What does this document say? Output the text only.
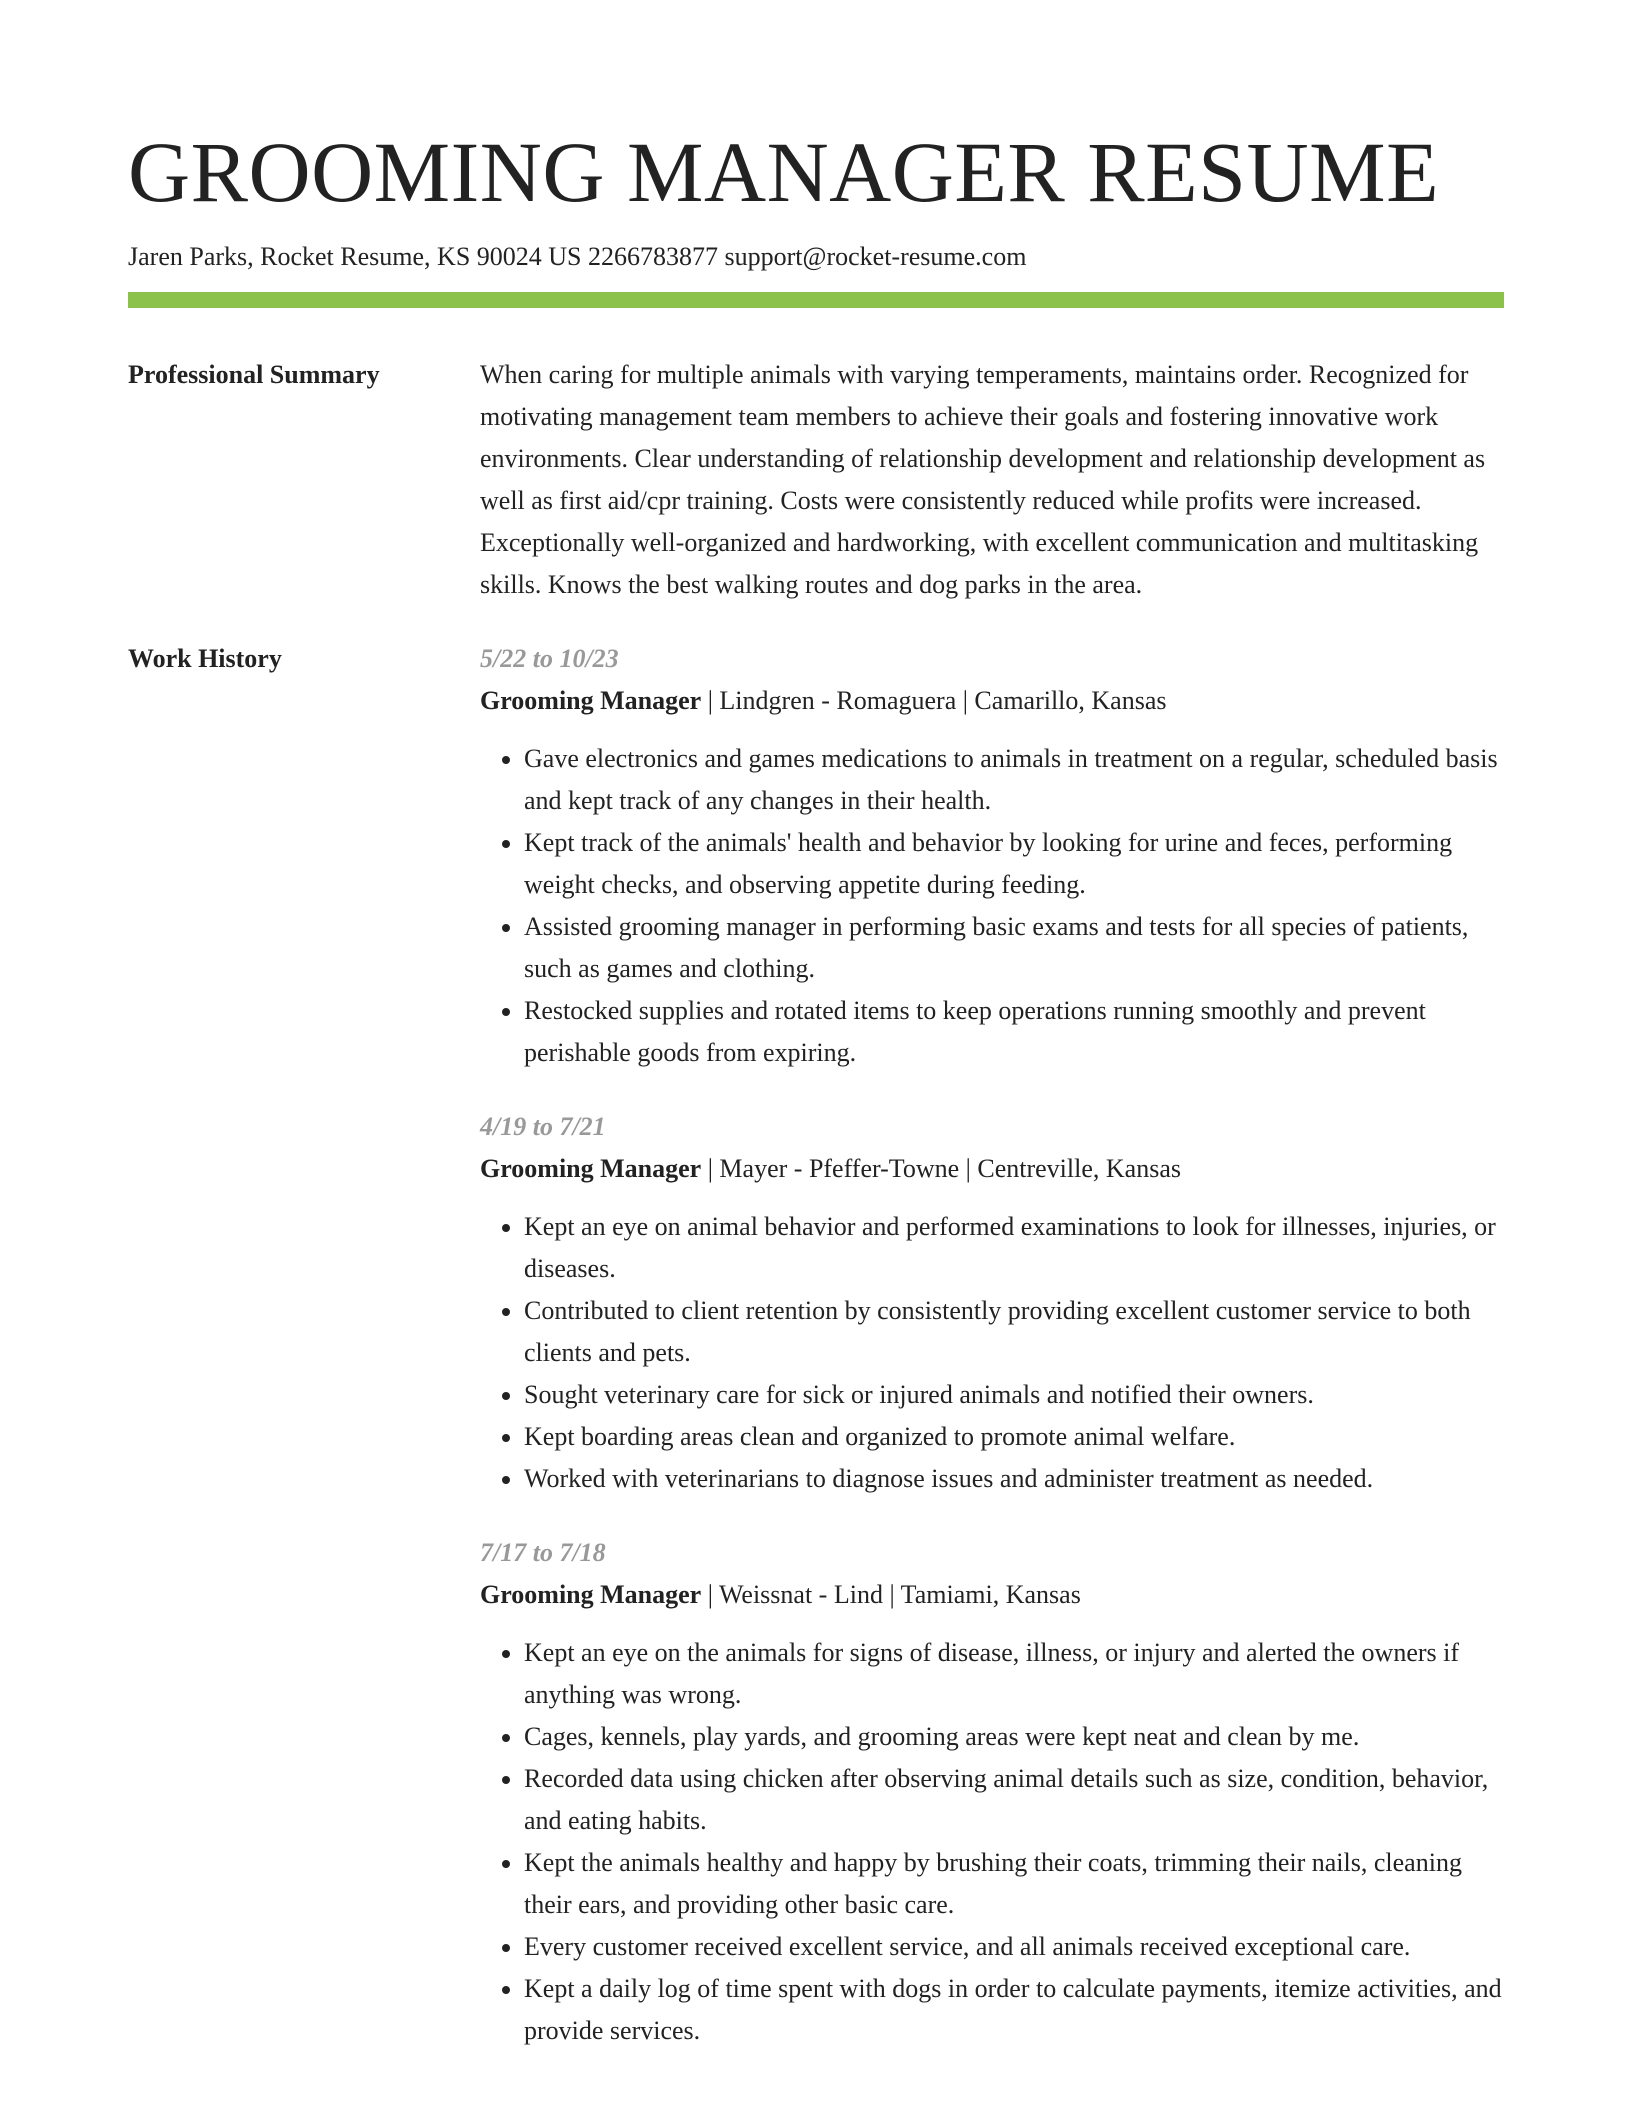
GROOMING MANAGER RESUME
Jaren Parks, Rocket Resume, KS 90024 US 2266783877 support@rocket-resume.com
Professional Summary	When caring for multiple animals with varying temperaments, maintains order. Recognized for motivating management team members to achieve their goals and fostering innovative work environments. Clear understanding of relationship development and relationship development as well as first aid/cpr training. Costs were consistently reduced while profits were increased. Exceptionally well-organized and hardworking, with excellent communication and multitasking skills. Knows the best walking routes and dog parks in the area.

Work History	5/22 to 10/23
Grooming Manager | Lindgren - Romaguera | Camarillo, Kansas
• Gave electronics and games medications to animals in treatment on a regular, scheduled basis and kept track of any changes in their health.
• Kept track of the animals' health and behavior by looking for urine and feces, performing weight checks, and observing appetite during feeding.
• Assisted grooming manager in performing basic exams and tests for all species of patients, such as games and clothing.
• Restocked supplies and rotated items to keep operations running smoothly and prevent perishable goods from expiring.
4/19 to 7/21
Grooming Manager | Mayer - Pfeffer-Towne | Centreville, Kansas
• Kept an eye on animal behavior and performed examinations to look for illnesses, injuries, or diseases.
• Contributed to client retention by consistently providing excellent customer service to both clients and pets.
• Sought veterinary care for sick or injured animals and notified their owners.
• Kept boarding areas clean and organized to promote animal welfare.
• Worked with veterinarians to diagnose issues and administer treatment as needed.
7/17 to 7/18
Grooming Manager | Weissnat - Lind | Tamiami, Kansas
• Kept an eye on the animals for signs of disease, illness, or injury and alerted the owners if anything was wrong.
• Cages, kennels, play yards, and grooming areas were kept neat and clean by me.
• Recorded data using chicken after observing animal details such as size, condition, behavior, and eating habits.
• Kept the animals healthy and happy by brushing their coats, trimming their nails, cleaning their ears, and providing other basic care.
• Every customer received excellent service, and all animals received exceptional care.
• Kept a daily log of time spent with dogs in order to calculate payments, itemize activities, and provide services.
